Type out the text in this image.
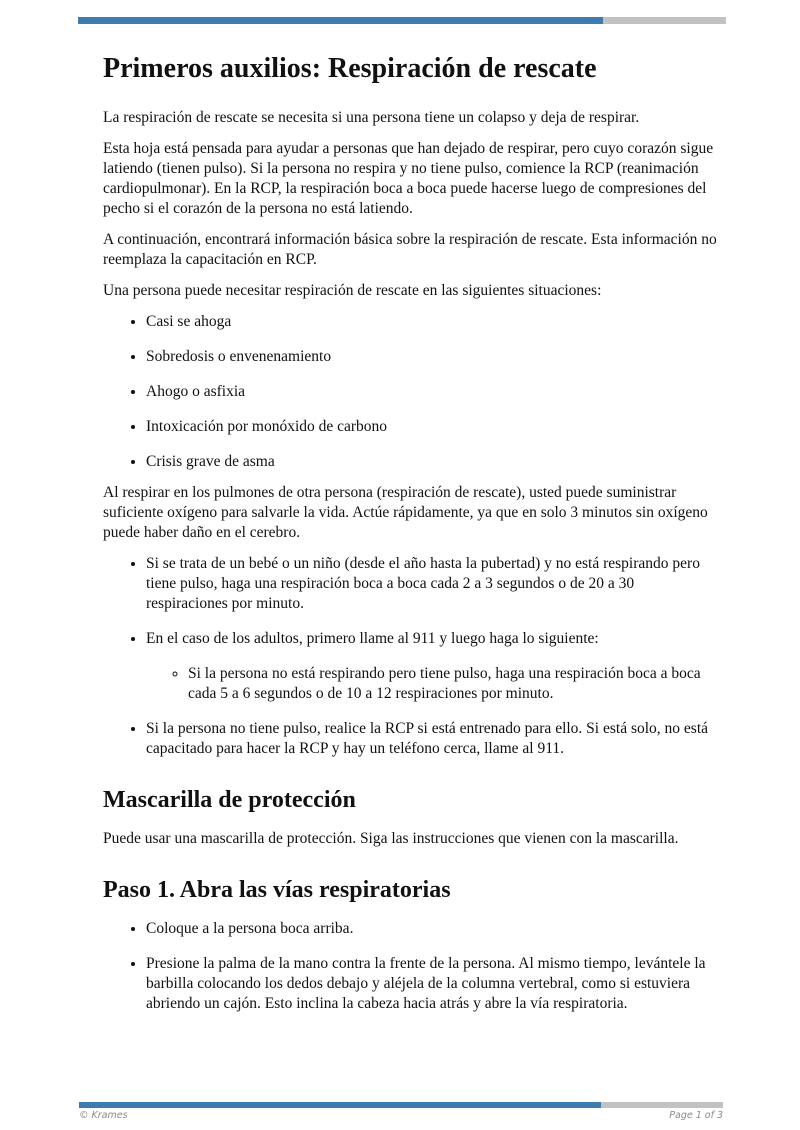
Primeros auxilios: Respiración de rescate

La respiración de rescate se necesita si una persona tiene un colapso y deja de respirar.

Esta hoja está pensada para ayudar a personas que han dejado de respirar, pero cuyo corazón sigue latiendo (tienen pulso). Si la persona no respira y no tiene pulso, comience la RCP (reanimación cardiopulmonar). En la RCP, la respiración boca a boca puede hacerse luego de compresiones del pecho si el corazón de la persona no está latiendo.

A continuación, encontrará información básica sobre la respiración de rescate. Esta información no reemplaza la capacitación en RCP.

Una persona puede necesitar respiración de rescate en las siguientes situaciones:

• Casi se ahoga
• Sobredosis o envenenamiento
• Ahogo o asfixia
• Intoxicación por monóxido de carbono
• Crisis grave de asma

Al respirar en los pulmones de otra persona (respiración de rescate), usted puede suministrar suficiente oxígeno para salvarle la vida. Actúe rápidamente, ya que en solo 3 minutos sin oxígeno puede haber daño en el cerebro.

• Si se trata de un bebé o un niño (desde el año hasta la pubertad) y no está respirando pero tiene pulso, haga una respiración boca a boca cada 2 a 3 segundos o de 20 a 30 respiraciones por minuto.
• En el caso de los adultos, primero llame al 911 y luego haga lo siguiente:
◦ Si la persona no está respirando pero tiene pulso, haga una respiración boca a boca cada 5 a 6 segundos o de 10 a 12 respiraciones por minuto.
• Si la persona no tiene pulso, realice la RCP si está entrenado para ello. Si está solo, no está capacitado para hacer la RCP y hay un teléfono cerca, llame al 911.
Mascarilla de protección

Puede usar una mascarilla de protección. Siga las instrucciones que vienen con la mascarilla.

Paso 1. Abra las vías respiratorias
• Coloque a la persona boca arriba.
• Presione la palma de la mano contra la frente de la persona. Al mismo tiempo, levántele la barbilla colocando los dedos debajo y aléjela de la columna vertebral, como si estuviera abriendo un cajón. Esto inclina la cabeza hacia atrás y abre la vía respiratoria.
© Krames	Page 1 of 3
